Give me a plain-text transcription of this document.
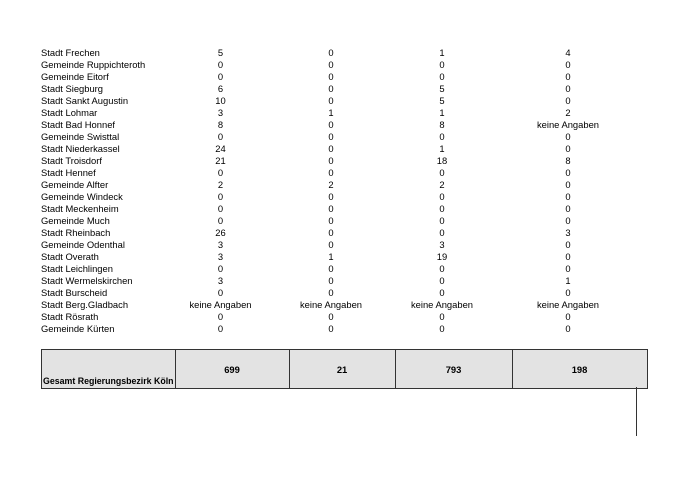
Stadt Frechen	5	0	1	4
Gemeinde Ruppichteroth	0	0	0	0
Gemeinde Eitorf	0	0	0	0
Stadt Siegburg	6	0	5	0
Stadt Sankt Augustin	10	0	5	0
Stadt Lohmar	3	1	1	2
Stadt Bad Honnef	8	0	8	keine Angaben
Gemeinde Swisttal	0	0	0	0
Stadt Niederkassel	24	0	1	0
Stadt Troisdorf	21	0	18	8
Stadt Hennef	0	0	0	0
Gemeinde Alfter	2	2	2	0
Gemeinde Windeck	0	0	0	0
Stadt Meckenheim	0	0	0	0
Gemeinde Much	0	0	0	0
Stadt Rheinbach	26	0	0	3
Gemeinde Odenthal	3	0	3	0
Stadt Overath	3	1	19	0
Stadt Leichlingen	0	0	0	0
Stadt Wermelskirchen	3	0	0	1
Stadt Burscheid	0	0	0	0
Stadt Berg.Gladbach	keine Angaben	keine Angaben	keine Angaben	keine Angaben
Stadt Rösrath	0	0	0	0
Gemeinde Kürten	0	0	0	0
Gesamt Regierungsbezirk Köln	699	21	793	198
